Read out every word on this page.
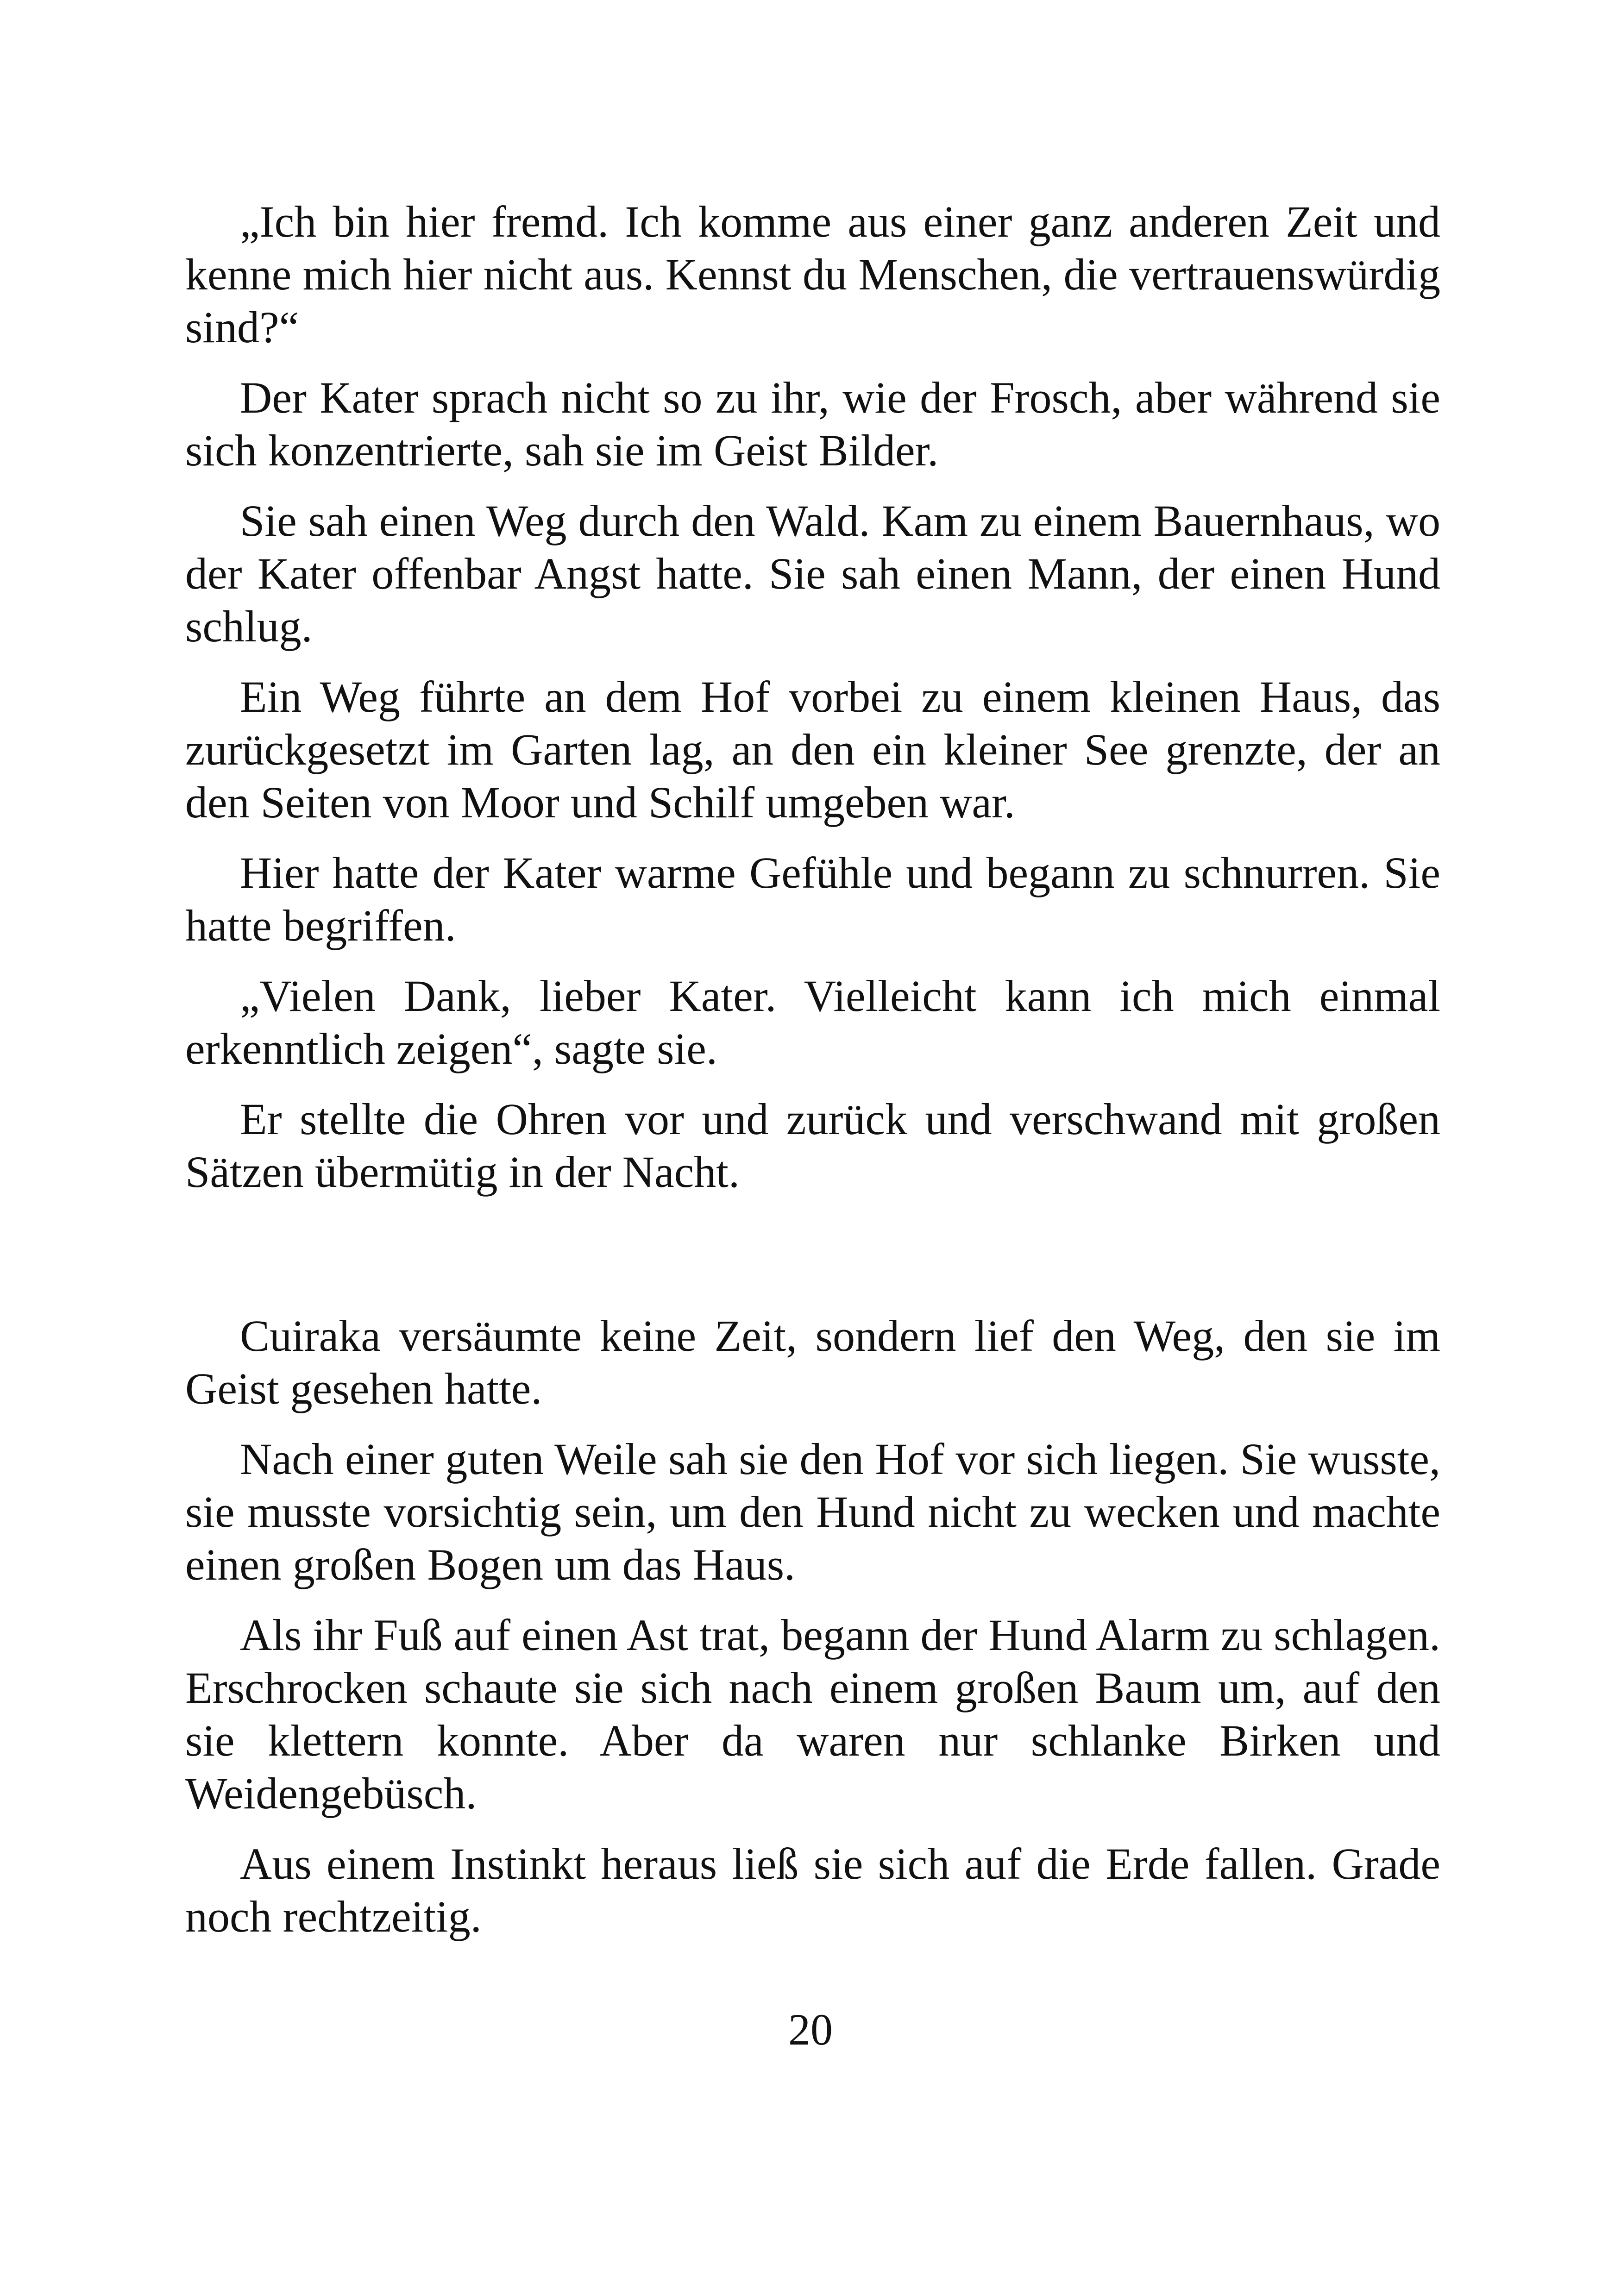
„Ich bin hier fremd. Ich komme aus einer ganz anderen Zeit und kenne mich hier nicht aus. Kennst du Menschen, die vertrauenswürdig sind?“

Der Kater sprach nicht so zu ihr, wie der Frosch, aber während sie sich konzentrierte, sah sie im Geist Bilder.

Sie sah einen Weg durch den Wald. Kam zu einem Bauernhaus, wo der Kater offenbar Angst hatte. Sie sah einen Mann, der einen Hund schlug.

Ein Weg führte an dem Hof vorbei zu einem kleinen Haus, das zurückgesetzt im Garten lag, an den ein kleiner See grenzte, der an den Seiten von Moor und Schilf umgeben war.

Hier hatte der Kater warme Gefühle und begann zu schnurren. Sie hatte begriffen.

„Vielen Dank, lieber Kater. Vielleicht kann ich mich einmal erkenntlich zeigen“, sagte sie.

Er stellte die Ohren vor und zurück und verschwand mit großen Sätzen übermütig in der Nacht.

Cuiraka versäumte keine Zeit, sondern lief den Weg, den sie im Geist gesehen hatte.

Nach einer guten Weile sah sie den Hof vor sich liegen. Sie wusste, sie musste vorsichtig sein, um den Hund nicht zu wecken und machte einen großen Bogen um das Haus.

Als ihr Fuß auf einen Ast trat, begann der Hund Alarm zu schlagen. Erschrocken schaute sie sich nach einem großen Baum um, auf den sie klettern konnte. Aber da waren nur schlanke Birken und Weidengebüsch.

Aus einem Instinkt heraus ließ sie sich auf die Erde fallen. Grade noch rechtzeitig.

20
